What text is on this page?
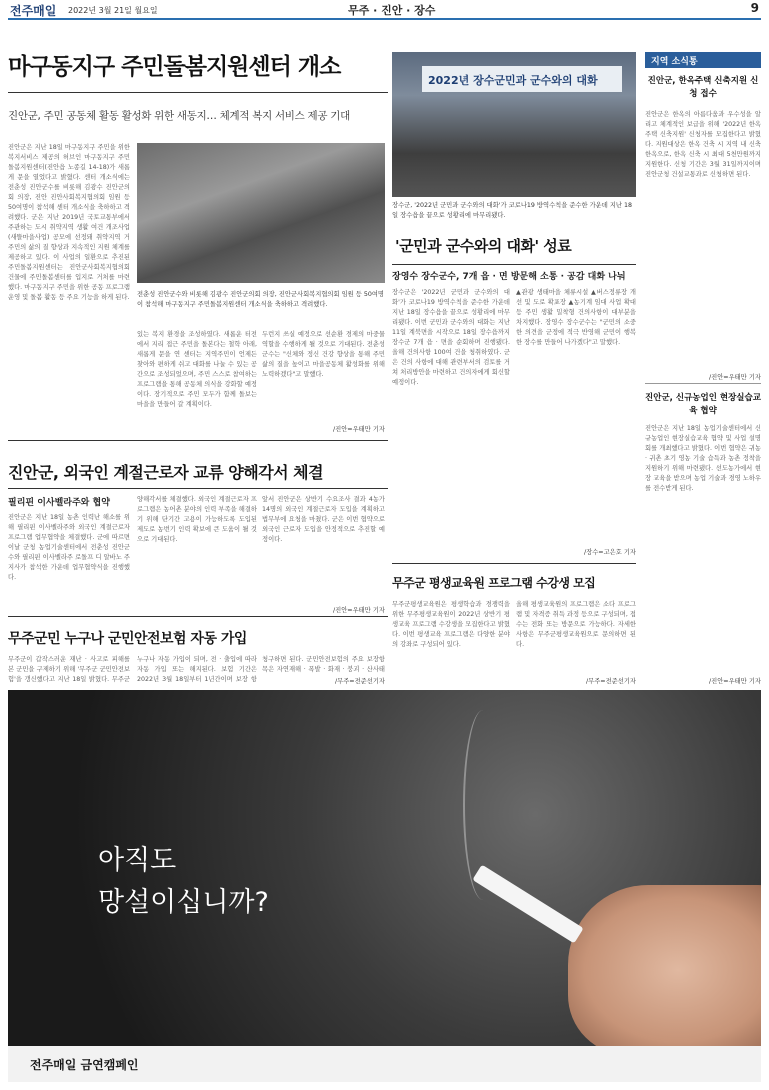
전주매일 2022년 3월 21일 월요일	무주 · 진안 · 장수	9
마구동지구 주민돌봄지원센터 개소
진안군, 주민 공동체 활동 활성화 위한 새동지… 체계적 복지 서비스 제공 기대
진안군은 지난 18일 마구동지구 주민을 위한 복지서비스 제공의 허브인 마구동지구 주민돌봄지원센터(진안읍 노종길 14-18)가 새롭게 문을 열었다고 밝혔다. 센터 개소식에는 전춘성 진안군수를 비롯해 김광수 진안군의회 의장, 진안 진안사회복지협의회 임원 등 50여명이 참석해 센터 개소식을 축하하고 격려했다. 군은 지난 2019년 국토교통부에서 주관하는 도시 취약지역 생활 여건 개조사업(새뜰마을사업) 공모에 선정돼 취약지역 거주민의 삶의 질 향상과 지속적인 지원 체계를 제공하고 있다. 이 사업의 일환으로 추진된 주민돌봄지원센터는 진안군사회복지협의회 건물에 주민돌봄센터를 입지로 거처를 마련했다. 마구동지구 주민을 위한 공동 프로그램 운영 및 돌봄 활동 등 주요 기능을 하게 된다. 전춘성 진안군수와 비롯해 김광수 진안군의회 의장, 진안군사회복지협의회 임원 등 50여명이 참석해 마구동지구 주민돌봄지원센터 개소식을 축하하고 격려했다.
있는 복지 환경을 조성하였다. 새롭운 터전에서 지리 접근 주민을 돌본다는 철학 아래, 새롭게 문을 연 센터는 지역주민이 언제든 찾아와 편하게 쉬고 대화를 나눌 수 있는 공간으로 조성되었으며, 주민 스스로 참여하는 프로그램을 통해 공동체 의식을 강화할 예정이다. 장기적으로 주민 모두가 함께 돌보는 마을을 만들어 갈 계획이다.
두런지 쓰실 예정으로 선순환 경제의 마중물 역할을 수행하게 될 것으로 기대된다. 전춘성 군수는 "신체와 정신 건강 향상을 통해 주민 삶의 질을 높이고 마을공동체 활성화를 위해 노력하겠다"고 말했다.
/진안=우태만 기자
2022년 장수군민과 군수와의 대화
장수군, '2022년 군민과 군수와의 대화'가 코로나19 방역수칙을 준수한 가운데 지난 18일 장수읍을 끝으로 성황리에 마무리됐다.
'군민과 군수와의 대화' 성료
장영수 장수군수, 7개 읍 · 면 방문해 소통 · 공감 대화 나눠
장수군은 '2022년 군민과 군수와의 대화'가 코로나19 방역수칙을 준수한 가운데 지난 18일 장수읍을 끝으로 성황리에 마무리됐다. 이번 군민과 군수와의 대화는 지난 11일 계북면을 시작으로 18일 장수읍까지 장수군 7개 읍 · 면을 순회하며 진행됐다. 올해 건의사항 100여 건을 청취하였다. 군은 건의 사항에 대해 관련부서의 검토를 거쳐 처리방안을 마련하고 건의자에게 회신할 예정이다.
▲관광 생태마을 체류시설 ▲버스정류장 개선 및 도로 확포장 ▲농기계 임대 사업 확대 등 주민 생활 밀착형 건의사항이 대부분을 차지했다. 장영수 장수군수는 "군민의 소중한 의견을 군정에 적극 반영해 군민이 행복한 장수를 만들어 나가겠다"고 말했다.
/장수=고은호 기자
진안군, 외국인 계절근로자 교류 양해각서 체결
필리핀 이사벨라주와 협약
진안군은 지난 18일 농촌 인력난 해소를 위해 필리핀 이사벨라주와 외국인 계절근로자 프로그램 업무협약을 체결했다. 군에 따르면 이날 군청 농업기술센터에서 전춘성 진안군수와 필리핀 이사벨라주 로돌프 디 알바노 주지사가 참석한 가운데 업무협약식을 진행했다.
양해각서를 체결했다. 외국인 계절근로자 프로그램은 농어촌 분야의 인력 부족을 해결하기 위해 단기간 고용이 가능하도록 도입된 제도로 농번기 인력 확보에 큰 도움이 될 것으로 기대된다.
앞서 진안군은 상반기 수요조사 결과 4농가 14명의 외국인 계절근로자 도입을 계획하고 법무부에 요청을 마쳤다. 군은 이번 협약으로 외국인 근로자 도입을 안정적으로 추진할 예정이다.
/진안=우태만 기자
무주군민 누구나 군민안전보험 자동 가입
무주군이 갑작스러운 재난 · 사고로 피해를 본 군민을 구제하기 위해 '무주군 군민안전보험'을 갱신했다고 지난 18일 밝혔다. 무주군
누구나 자동 가입이 되며, 전 · 출입에 따라 자동 가입 또는 해지된다. 보험 기간은 2022년 3월 18일부터 1년간이며 보장 항
청구하면 된다. 군민안전보험의 주요 보장항목은 자연재해 · 폭발 · 화재 · 붕괴 · 산사태
/무주=전준선기자
무주군 평생교육원 프로그램 수강생 모집
무주군평생교육원은 평생학습과 경쟁력을 위한 무주평생교육원이 2022년 상반기 평생교육 프로그램 수강생을 모집한다고 밝혔다. 이번 평생교육 프로그램은 다양한 분야의 강좌로 구성되어 있다.
올해 평생교육원의 프로그램은 소다 프로그램 및 자격증 취득 과정 등으로 구성되며, 접수는 전화 또는 방문으로 가능하다. 자세한 사항은 무주군평생교육원으로 문의하면 된다.
/무주=전준선기자
지역 소식통
진안군, 한옥주택 신축지원 신청 접수
진안군은 한옥의 아름다움과 우수성을 알리고 체계적인 보급을 위해 '2022년 한옥주택 신축지원' 신청자를 모집한다고 밝혔다. 지원대상은 한옥 건축 시 지역 내 신축 한옥으로, 한옥 신축 시 최대 5천만원까지 지원한다. 신청 기간은 3월 31일까지이며 진안군청 건설교통과로 신청하면 된다.
/진안=우태만 기자
진안군, 신규농업인 현장실습교육 협약
진안군은 지난 18일 농업기술센터에서 신규농업인 현장실습교육 협약 및 사업 설명회를 개최했다고 밝혔다. 이번 협약은 귀농 · 귀촌 초기 영농 기술 습득과 농촌 정착을 지원하기 위해 마련됐다. 선도농가에서 현장 교육을 받으며 농업 기술과 경영 노하우를 전수받게 된다.
/진안=우태만 기자
아직도
망설이십니까?
전주매일 금연캠페인
